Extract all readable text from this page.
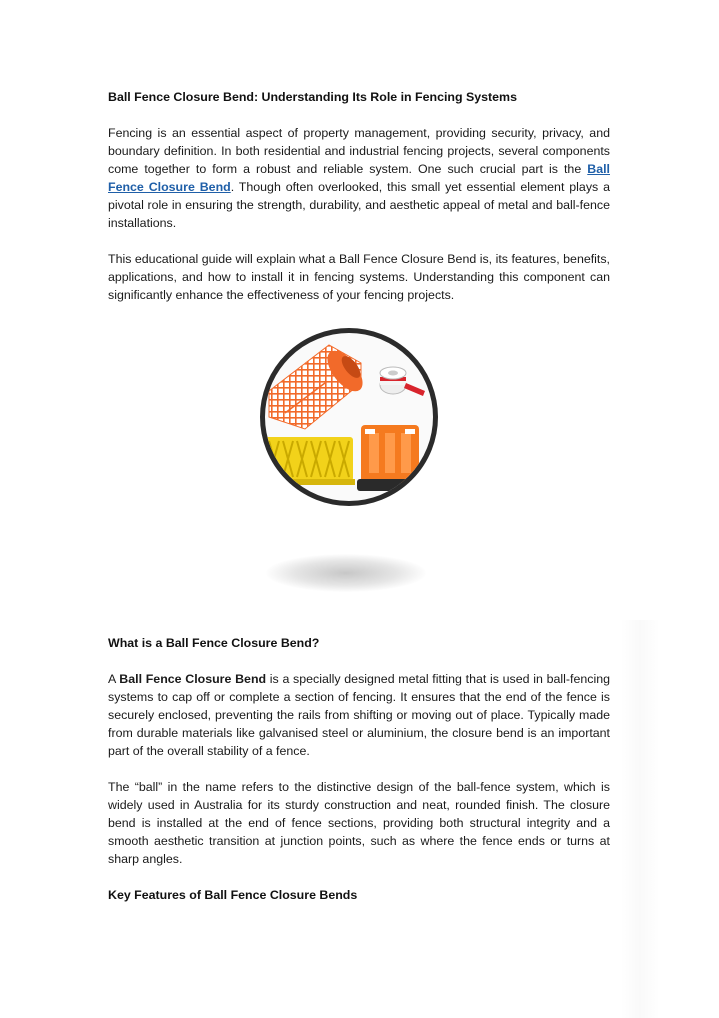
Ball Fence Closure Bend: Understanding Its Role in Fencing Systems

Fencing is an essential aspect of property management, providing security, privacy, and boundary definition. In both residential and industrial fencing projects, several components come together to form a robust and reliable system. One such crucial part is the Ball Fence Closure Bend. Though often overlooked, this small yet essential element plays a pivotal role in ensuring the strength, durability, and aesthetic appeal of metal and ball-fence installations.

This educational guide will explain what a Ball Fence Closure Bend is, its features, benefits, applications, and how to install it in fencing systems. Understanding this component can significantly enhance the effectiveness of your fencing projects.

What is a Ball Fence Closure Bend?

A Ball Fence Closure Bend is a specially designed metal fitting that is used in ball-fencing systems to cap off or complete a section of fencing. It ensures that the end of the fence is securely enclosed, preventing the rails from shifting or moving out of place. Typically made from durable materials like galvanised steel or aluminium, the closure bend is an important part of the overall stability of a fence.

The “ball” in the name refers to the distinctive design of the ball-fence system, which is widely used in Australia for its sturdy construction and neat, rounded finish. The closure bend is installed at the end of fence sections, providing both structural integrity and a smooth aesthetic transition at junction points, such as where the fence ends or turns at sharp angles.

Key Features of Ball Fence Closure Bends
